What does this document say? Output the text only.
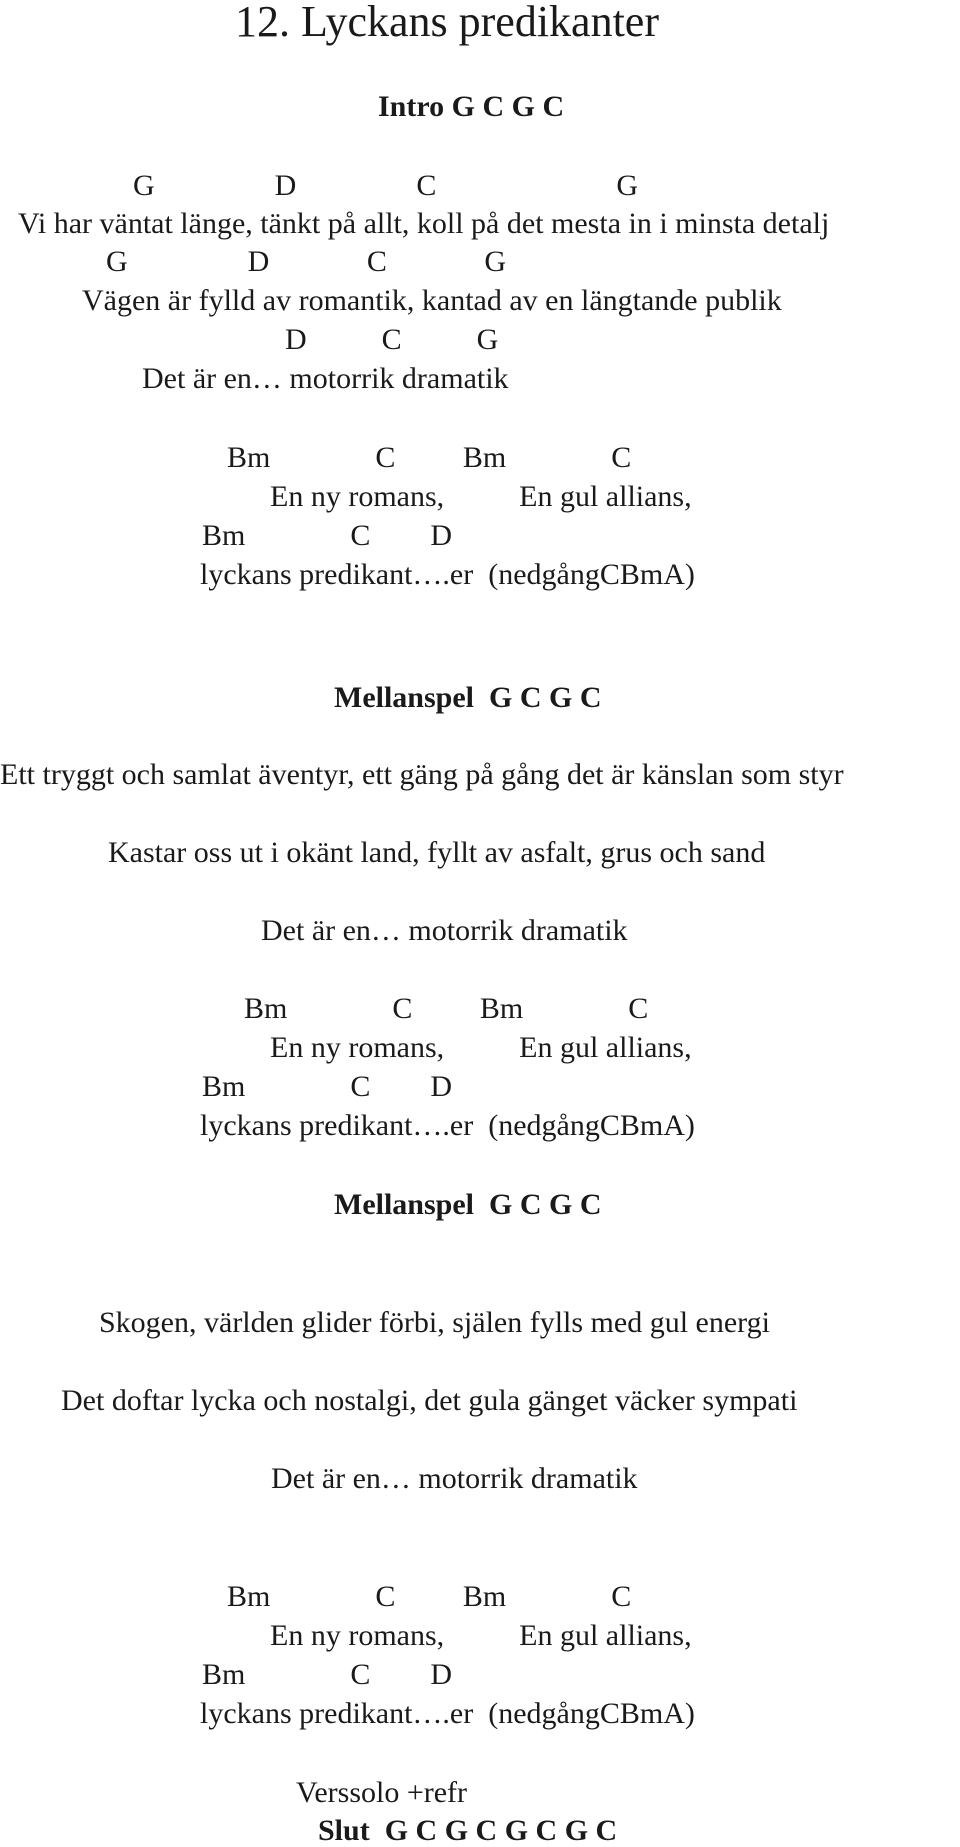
12. Lyckans predikanter
Intro G C G C
G                D                C                        G
Vi har väntat länge, tänkt på allt, koll på det mesta in i minsta detalj
G                D             C             G
Vägen är fylld av romantik, kantad av en längtande publik
D          C          G
Det är en… motorrik dramatik
Bm              C         Bm              C
En ny romans,          En gul allians,
Bm              C        D
lyckans predikant….er  (nedgångCBmA)
Mellanspel  G C G C
Ett tryggt och samlat äventyr, ett gäng på gång det är känslan som styr
Kastar oss ut i okänt land, fyllt av asfalt, grus och sand
Det är en… motorrik dramatik
Bm              C         Bm              C
En ny romans,          En gul allians,
Bm              C        D
lyckans predikant….er  (nedgångCBmA)
Mellanspel  G C G C
Skogen, världen glider förbi, själen fylls med gul energi
Det doftar lycka och nostalgi, det gula gänget väcker sympati
Det är en… motorrik dramatik
Bm              C         Bm              C
En ny romans,          En gul allians,
Bm              C        D
lyckans predikant….er  (nedgångCBmA)
Verssolo +refr
Slut  G C G C G C G C
